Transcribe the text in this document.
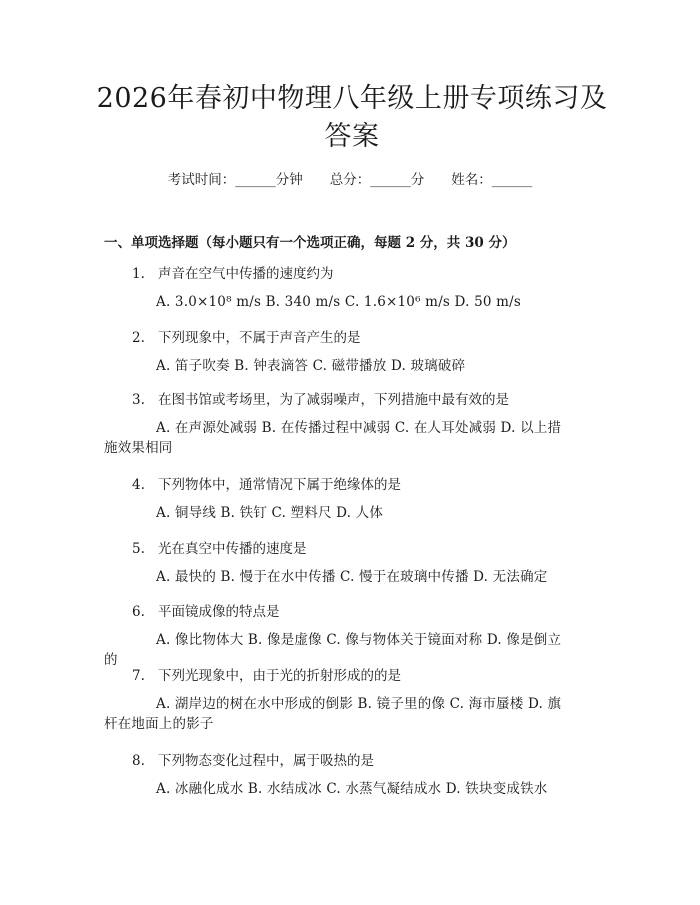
2026年春初中物理八年级上册专项练习及答案
考试时间：______分钟　　总分：______分　　姓名：______
一、单项选择题（每小题只有一个选项正确，每题 2 分，共 30 分）
1. 声音在空气中传播的速度约为
A. 3.0×10⁸ m/s B. 340 m/s C. 1.6×10⁶ m/s D. 50 m/s
2. 下列现象中，不属于声音产生的是
A. 笛子吹奏 B. 钟表滴答 C. 磁带播放 D. 玻璃破碎
3. 在图书馆或考场里，为了减弱噪声，下列措施中最有效的是
A. 在声源处减弱 B. 在传播过程中减弱 C. 在人耳处减弱 D. 以上措施效果相同
4. 下列物体中，通常情况下属于绝缘体的是
A. 铜导线 B. 铁钉 C. 塑料尺 D. 人体
5. 光在真空中传播的速度是
A. 最快的 B. 慢于在水中传播 C. 慢于在玻璃中传播 D. 无法确定
6. 平面镜成像的特点是
A. 像比物体大 B. 像是虚像 C. 像与物体关于镜面对称 D. 像是倒立的
7. 下列光现象中，由于光的折射形成的的是
A. 湖岸边的树在水中形成的倒影 B. 镜子里的像 C. 海市蜃楼 D. 旗杆在地面上的影子
8. 下列物态变化过程中，属于吸热的是
A. 冰融化成水 B. 水结成冰 C. 水蒸气凝结成水 D. 铁块变成铁水
